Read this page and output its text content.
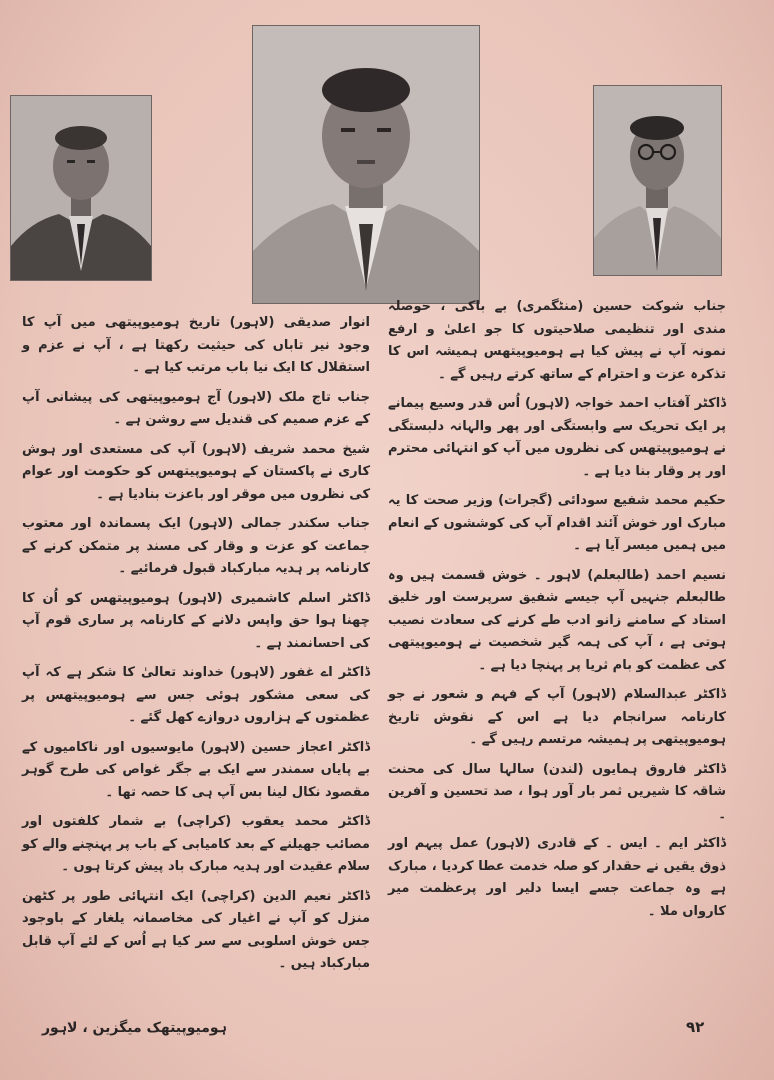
جناب شوکت حسین (منٹگمری) بے باکی ، حوصلہ مندی اور تنظیمی صلاحیتوں کا جو اعلیٰ و ارفع نمونہ آپ نے پیش کیا ہے ہومیوپیتھس ہمیشہ اس کا تذکرہ عزت و احترام کے ساتھ کرتے رہیں گے ۔

ڈاکٹر آفتاب احمد خواجہ (لاہور) اُس قدر وسیع پیمانے پر ایک تحریک سے وابستگی اور پھر والہانہ دلبستگی نے ہومیوپیتھس کی نظروں میں آپ کو انتہائی محترم اور پر وقار بنا دیا ہے ۔

حکیم محمد شفیع سودائی (گجرات) وزیر صحت کا یہ مبارک اور خوش آئند اقدام آپ کی کوششوں کے انعام میں ہمیں میسر آیا ہے ۔

نسیم احمد (طالبعلم) لاہور ۔ خوش قسمت ہیں وہ طالبعلم جنہیں آپ جیسے شفیق سرپرست اور خلیق استاد کے سامنے زانو ادب طے کرنے کی سعادت نصیب ہوتی ہے ، آپ کی ہمہ گیر شخصیت نے ہومیوپیتھی کی عظمت کو بام ثریا پر پہنچا دیا ہے ۔

ڈاکٹر عبدالسلام (لاہور) آپ کے فہم و شعور نے جو کارنامہ سرانجام دیا ہے اس کے نقوش تاریخ ہومیوپیتھی پر ہمیشہ مرتسم رہیں گے ۔

ڈاکٹر فاروق ہمایوں (لندن) سالہا سال کی محنت شاقہ کا شیریں ثمر بار آور ہوا ، صد تحسین و آفرین ۔

ڈاکٹر ایم ۔ ایس ۔ کے قادری (لاہور) عمل پیہم اور ذوق یقیں نے حقدار کو صلہ خدمت عطا کردیا ، مبارک ہے وہ جماعت جسے ایسا دلیر اور پرعظمت میر کارواں ملا ۔

انوار صدیقی (لاہور) تاریخ ہومیوپیتھی میں آپ کا وجود نیر تاباں کی حیثیت رکھتا ہے ، آپ نے عزم و استقلال کا ایک نیا باب مرتب کیا ہے ۔

جناب تاج ملک (لاہور) آج ہومیوپیتھی کی پیشانی آپ کے عزم صمیم کی قندیل سے روشن ہے ۔

شیخ محمد شریف (لاہور) آپ کی مستعدی اور ہوش کاری نے پاکستان کے ہومیوپیتھس کو حکومت اور عوام کی نظروں میں موقر اور باعزت بنادیا ہے ۔

جناب سکندر جمالی (لاہور) ایک پسماندہ اور معتوب جماعت کو عزت و وقار کی مسند پر متمکن کرنے کے کارنامہ پر ہدیہ مبارکباد قبول فرمائیے ۔

ڈاکٹر اسلم کاشمیری (لاہور) ہومیوپیتھس کو اُن کا چھنا ہوا حق واپس دلانے کے کارنامہ پر ساری قوم آپ کی احسانمند ہے ۔

ڈاکٹر اے غفور (لاہور) خداوند تعالیٰ کا شکر ہے کہ آپ کی سعی مشکور ہوئی جس سے ہومیوپیتھس پر عظمتوں کے ہزاروں دروازے کھل گئے ۔

ڈاکٹر اعجاز حسین (لاہور) مایوسیوں اور ناکامیوں کے بے پایاں سمندر سے ایک بے جگر غواص کی طرح گوہر مقصود نکال لینا بس آپ ہی کا حصہ تھا ۔

ڈاکٹر محمد یعقوب (کراچی) بے شمار کلفتوں اور مصائب جھیلنے کے بعد کامیابی کے باب پر پہنچنے والے کو سلام عقیدت اور ہدیہ مبارک باد پیش کرتا ہوں ۔

ڈاکٹر نعیم الدین (کراچی) ایک انتہائی طور پر کٹھن منزل کو آپ نے اغیار کی مخاصمانہ یلغار کے باوجود جس خوش اسلوبی سے سر کیا ہے اُس کے لئے آپ قابل مبارکباد ہیں ۔

ہومیوپیتھک میگزین ، لاہور	۹۲
